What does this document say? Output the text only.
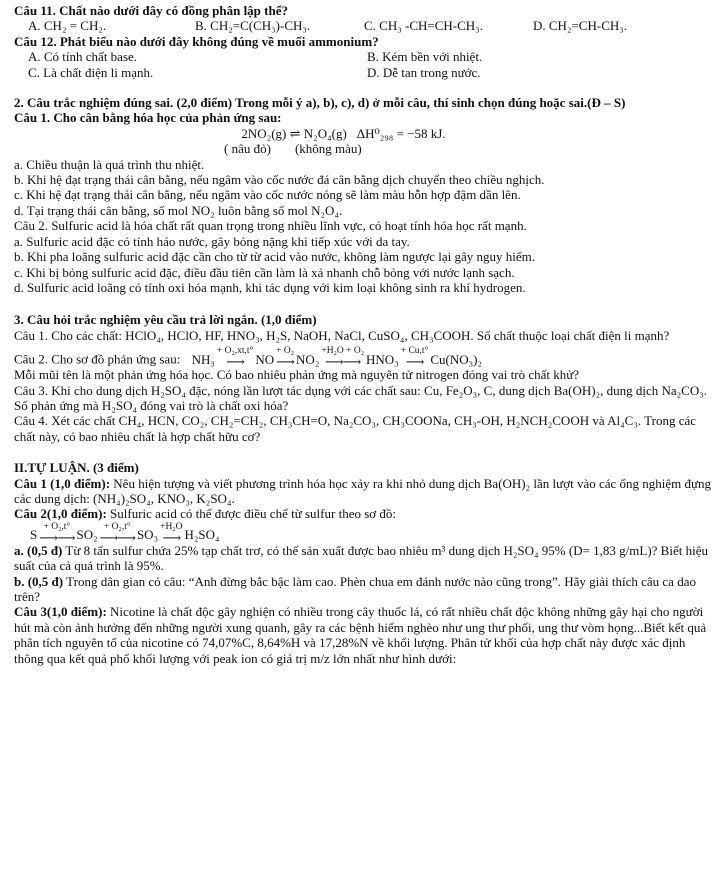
Câu 11. Chất nào dưới đây có đồng phân lập thể?
A. CH₂ = CH₂.	B. CH₂=C(CH₃)-CH₃.	C. CH₃ -CH=CH-CH₃.	D. CH₂=CH-CH₃.
Câu 12. Phát biểu nào dưới đây không đúng về muối ammonium?
A. Có tính chất base.	B. Kém bền với nhiệt.
C. Là chất điện li mạnh.	D. Dễ tan trong nước.
2. Câu trắc nghiệm đúng sai. (2,0 điểm) Trong mỗi ý a), b), c), d) ở mỗi câu, thí sinh chọn đúng hoặc sai.(Đ – S)
Câu 1. Cho cân bằng hóa học của phản ứng sau:
2NO₂(g) ⇌ N₂O₄(g) ΔH⁰₂₉₈ = −58 kJ.
( nâu đỏ) (không màu)
a. Chiều thuận là quá trình thu nhiệt.
b. Khi hệ đạt trạng thái cân bằng, nếu ngâm vào cốc nước đá cân bằng dịch chuyển theo chiều nghịch.
c. Khi hệ đạt trạng thái cân bằng, nếu ngâm vào cốc nước nóng sẽ làm màu hỗn hợp đậm dần lên.
d. Tại trạng thái cân bằng, số mol NO₂ luôn bằng số mol N₂O₄.
Câu 2. Sulfuric acid là hóa chất rất quan trọng trong nhiều lĩnh vực, có hoạt tính hóa học rất mạnh.
a. Sulfuric acid đặc có tính háo nước, gây bỏng nặng khi tiếp xúc với da tay.
b. Khi pha loãng sulfuric acid đặc cần cho từ từ acid vào nước, không làm ngược lại gây nguy hiểm.
c. Khi bị bỏng sulfuric acid đặc, điều đầu tiên cần làm là xả nhanh chỗ bỏng với nước lạnh sạch.
d. Sulfuric acid loãng có tính oxi hóa mạnh, khi tác dụng với kim loại không sinh ra khí hydrogen.
3. Câu hỏi trắc nghiệm yêu cầu trả lời ngắn. (1,0 điểm)
Câu 1. Cho các chất: HClO₄, HClO, HF, HNO₃, H₂S, NaOH, NaCl, CuSO₄, CH₃COOH. Số chất thuộc loại chất điện li mạnh?
Câu 2. Cho sơ đồ phản ứng sau: NH₃
+ O₂,xt,t°
⟶ NO
+ O₂
⟶ NO₂
+H₂O + O₂
⟶⟶ HNO₃
+ Cu,t°
⟶ Cu(NO₃)₂
Mỗi mũi tên là một phản ứng hóa học. Có bao nhiêu phản ứng mà nguyên tử nitrogen đóng vai trò chất khử?
Câu 3. Khi cho dung dịch H₂SO₄ đặc, nóng lần lượt tác dụng với các chất sau: Cu, Fe₂O₃, C, dung dịch Ba(OH)₂, dung dịch Na₂CO₃. Số phản ứng mà H₂SO₄ đóng vai trò là chất oxi hóa?
Câu 4. Xét các chất CH₄, HCN, CO₂, CH₂=CH₂, CH₃CH=O, Na₂CO₃, CH₃COONa, CH₃-OH, H₂NCH₂COOH và Al₄C₃. Trong các chất này, có bao nhiêu chất là hợp chất hữu cơ?
II.TỰ LUẬN. (3 điểm)
Câu 1 (1,0 điểm): Nêu hiện tượng và viết phương trình hóa học xảy ra khi nhỏ dung dịch Ba(OH)₂ lần lượt vào các ống nghiệm đựng các dung dịch: (NH₄)₂SO₄, KNO₃, K₂SO₄.
Câu 2(1,0 điểm): Sulfuric acid có thể được điều chế từ sulfur theo sơ đồ:
S
+ O₂,t°
⟶⟶ SO₂
+ O₂,t°
⟶⟶ SO₃
+H₂O
⟶ H₂SO₄
a. (0,5 đ) Từ 8 tấn sulfur chứa 25% tạp chất trơ, có thể sản xuất được bao nhiêu m³ dung dịch H₂SO₄ 95% (D= 1,83 g/mL)? Biết hiệu suất của cả quá trình là 95%.
b. (0,5 đ) Trong dân gian có câu: “Anh đừng bắc bậc làm cao. Phèn chua em đánh nước nào cũng trong”. Hãy giải thích câu ca dao trên?
Câu 3(1,0 điểm): Nicotine là chất độc gây nghiện có nhiều trong cây thuốc lá, có rất nhiều chất độc không những gây hại cho người hút mà còn ảnh hưởng đến những người xung quanh, gây ra các bệnh hiểm nghèo như ung thư phổi, ung thư vòm họng...Biết kết quả phân tích nguyên tố của nicotine có 74,07%C, 8,64%H và 17,28%N về khối lượng. Phân tử khối của hợp chất này được xác định thông qua kết quả phổ khối lượng với peak ion có giá trị m/z lớn nhất như hình dưới:
